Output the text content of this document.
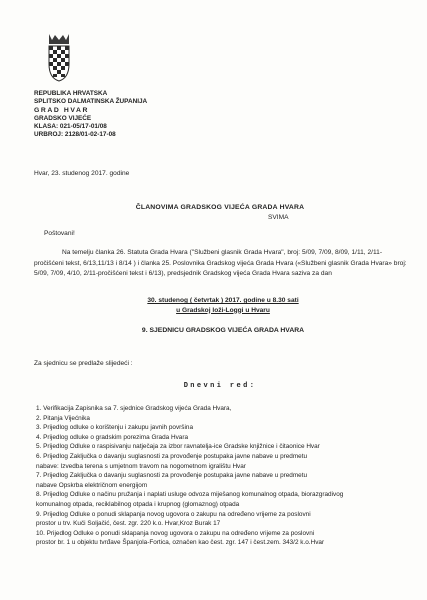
REPUBLIKA HRVATSKA
SPLITSKO DALMATINSKA ŽUPANIJA
GRAD HVAR
GRADSKO VIJEĆE
KLASA: 021-05/17-01/08
URBROJ: 2128/01-02-17-08
Hvar, 23. studenog 2017. godine
ČLANOVIMA GRADSKOG VIJEĆA GRADA HVARA
SVIMA
Poštovani!
Na temelju članka 26. Statuta Grada Hvara ("Službeni glasnik Grada Hvara", broj: 5/09, 7/09, 8/09, 1/11, 2/11-pročišćeni tekst, 6/13,11/13 i 8/14 ) i članka 25. Poslovnika Gradskog vijeća Grada Hvara («Službeni glasnik Grada Hvara» broj: 5/09, 7/09, 4/10, 2/11-pročišćeni tekst i 6/13), predsjednik Gradskog vijeća Grada Hvara saziva za dan
30. studenog ( četvrtak ) 2017. godine u 8.30 sati
u Gradskoj loži-Loggi u Hvaru
9. SJEDNICU GRADSKOG VIJEĆA GRADA HVARA
Za sjednicu se predlaže slijedeći :
Dnevni red:
1. Verifikacija Zapisnika sa 7. sjednice Gradskog vijeća Grada Hvara,
2. Pitanja Vijećnika
3. Prijedlog odluke o korištenju i zakupu javnih površina
4. Prijedlog odluke o gradskim porezima Grada Hvara
5. Prijedlog Odluke o raspisivanju natječaja za izbor ravnatelja-ice Gradske knjižnice i čitaonice Hvar
6. Prijedlog Zaključka o davanju suglasnosti za provođenje postupaka javne nabave u predmetu
nabave: Izvedba terena s umjetnom travom na nogometnom igralištu Hvar
7. Prijedlog Zaključka o davanju suglasnosti za provođenje postupaka javne nabave u predmetu
nabave Opskrba električnom energijom
8. Prijedlog Odluke o načinu pružanja i naplati usluge odvoza miješanog komunalnog otpada, biorazgradivog
komunalnog otpada, reciklabilnog otpada i krupnog (glomaznog) otpada
9. Prijedlog Odluke o ponudi sklapanja novog ugovora o zakupu na određeno vrijeme za poslovni
prostor u trv. Kuči Soljačić, čest. zgr. 220 k.o. Hvar,Kroz Burak 17
10. Prijedlog Odluke o ponudi sklapanja novog ugovora o zakupu na određeno vrijeme za poslovni
prostor br. 1 u objektu tvrđave Španjola-Fortica, označen kao čest. zgr. 147 i čest.zem. 343/2 k.o.Hvar
